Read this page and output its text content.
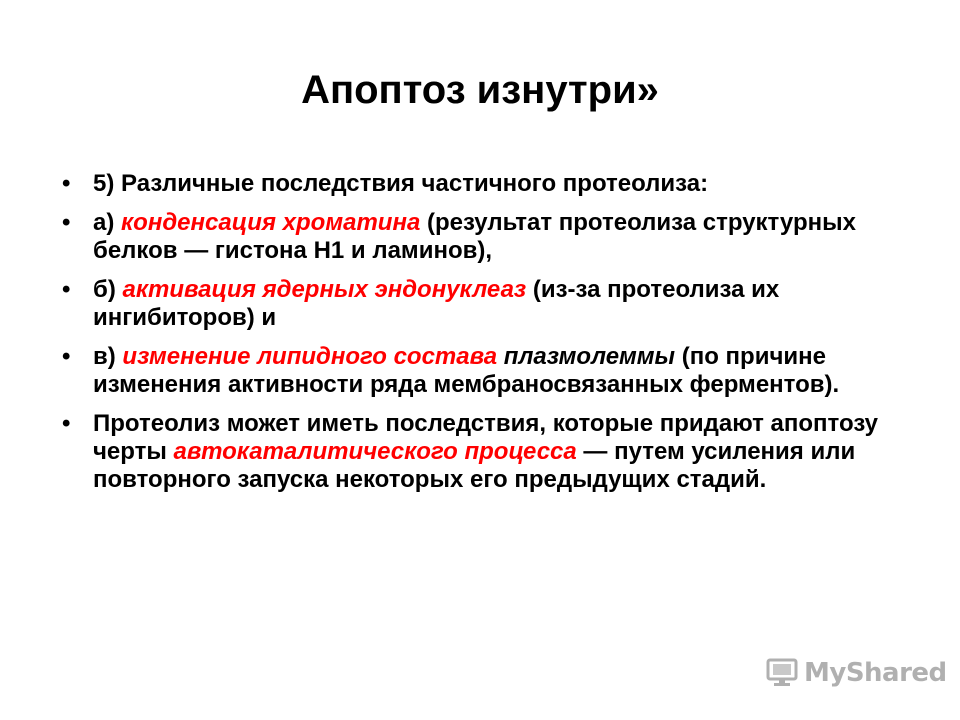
Апоптоз изнутри»
• 5) Различные последствия частичного протеолиза:
• а) конденсация хроматина (результат протеолиза структурных белков — гистона Н1 и ламинов),
• б) активация ядерных эндонуклеаз (из-за протеолиза их ингибиторов) и
• в) изменение липидного состава плазмолеммы (по причине изменения активности ряда мембраносвязанных ферментов).
• Протеолиз может иметь последствия, которые придают апоптозу черты автокаталитического процесса — путем усиления или повторного запуска некоторых его предыдущих стадий.
MyShared
